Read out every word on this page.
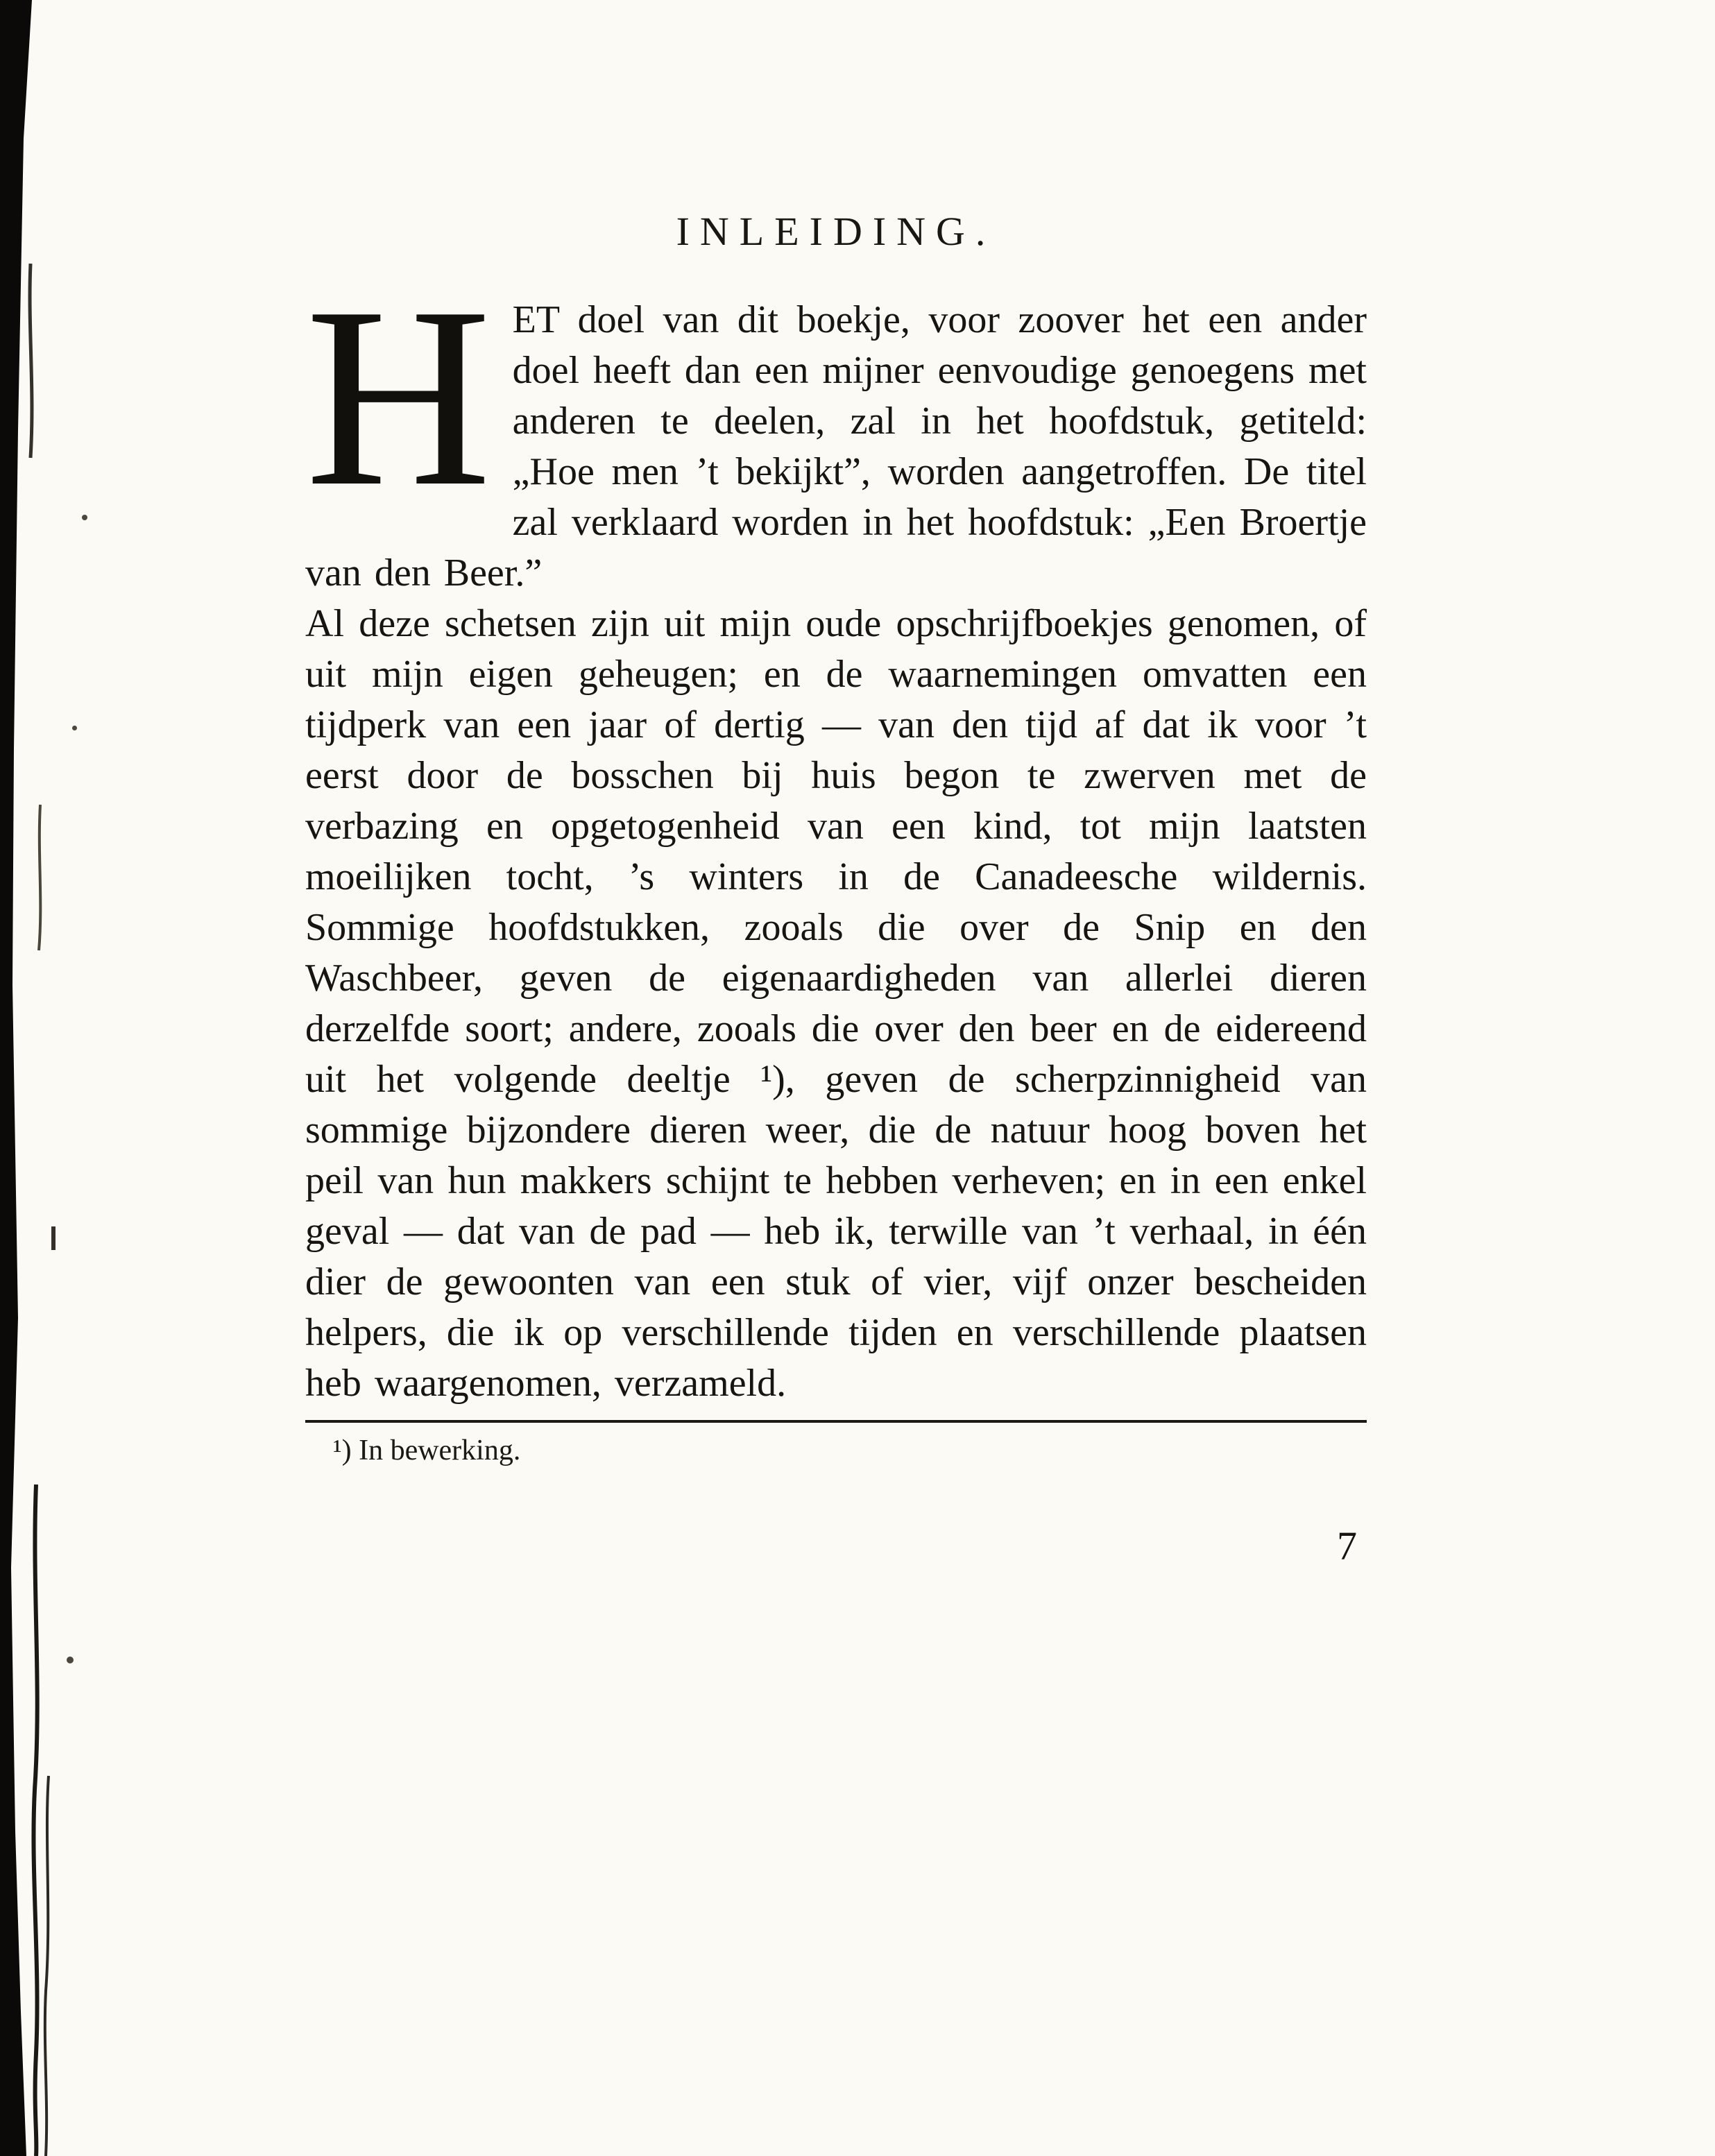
INLEIDING.

HET doel van dit boekje, voor zoover het een ander doel heeft dan een mijner eenvoudige genoegens met anderen te deelen, zal in het hoofdstuk, getiteld: „Hoe men ’t bekijkt”, worden aangetroffen. De titel zal verklaard worden in het hoofdstuk: „Een Broertje van den Beer.”

Al deze schetsen zijn uit mijn oude opschrijfboekjes genomen, of uit mijn eigen geheugen; en de waarnemingen omvatten een tijdperk van een jaar of dertig — van den tijd af dat ik voor ’t eerst door de bosschen bij huis begon te zwerven met de verbazing en opgetogenheid van een kind, tot mijn laatsten moeilijken tocht, ’s winters in de Canadeesche wildernis. Sommige hoofdstukken, zooals die over de Snip en den Waschbeer, geven de eigenaardigheden van allerlei dieren derzelfde soort; andere, zooals die over den beer en de eidereend uit het volgende deeltje ¹), geven de scherpzinnigheid van sommige bijzondere dieren weer, die de natuur hoog boven het peil van hun makkers schijnt te hebben verheven; en in een enkel geval — dat van de pad — heb ik, terwille van ’t verhaal, in één dier de gewoonten van een stuk of vier, vijf onzer bescheiden helpers, die ik op verschillende tijden en verschillende plaatsen heb waargenomen, verzameld.

¹) In bewerking.

7
